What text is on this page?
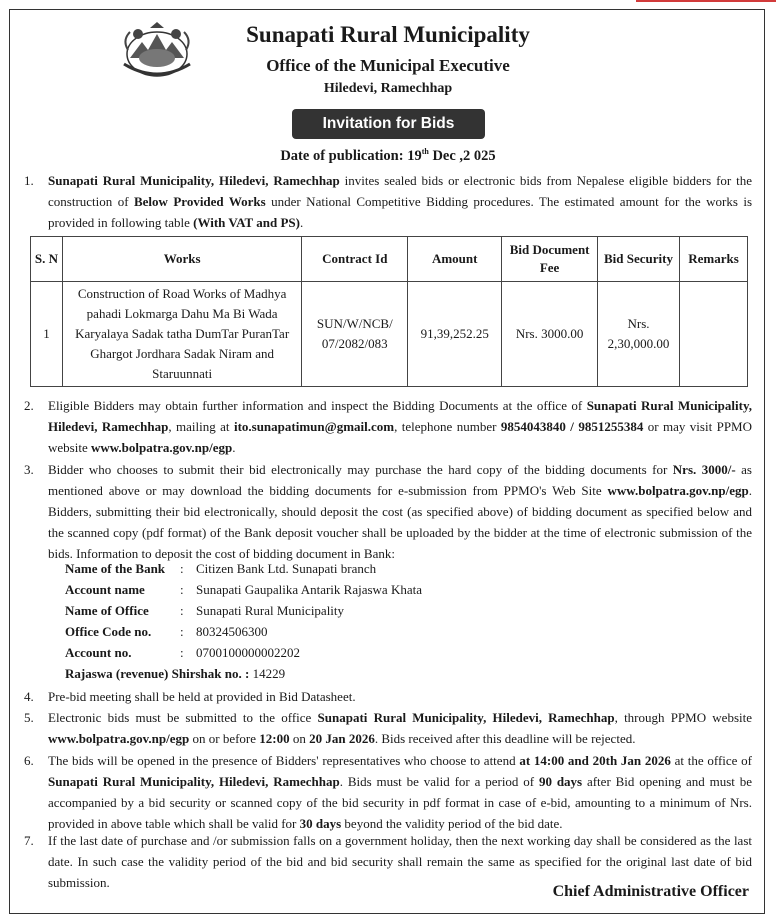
Sunapati Rural Municipality
Office of the Municipal Executive
Hiledevi, Ramechhap
Invitation for Bids
Date of publication: 19th Dec ,2 025
1. Sunapati Rural Municipality, Hiledevi, Ramechhap invites sealed bids or electronic bids from Nepalese eligible bidders for the construction of Below Provided Works under National Competitive Bidding procedures. The estimated amount for the works is provided in following table (With VAT and PS).
S. N	Works	Contract Id	Amount	Bid Document Fee	Bid Security	Remarks
1	Construction of Road Works of Madhya pahadi Lokmarga Dahu Ma Bi Wada Karyalaya Sadak tatha DumTar PuranTar Ghargot Jordhara Sadak Niram and Staruunnati	SUN/W/NCB/ 07/2082/083	91,39,252.25	Nrs. 3000.00	Nrs. 2,30,000.00	
2. Eligible Bidders may obtain further information and inspect the Bidding Documents at the office of Sunapati Rural Municipality, Hiledevi, Ramechhap, mailing at ito.sunapatimun@gmail.com, telephone number 9854043840 / 9851255384 or may visit PPMO website www.bolpatra.gov.np/egp.
3. Bidder who chooses to submit their bid electronically may purchase the hard copy of the bidding documents for Nrs. 3000/- as mentioned above or may download the bidding documents for e-submission from PPMO's Web Site www.bolpatra.gov.np/egp. Bidders, submitting their bid electronically, should deposit the cost (as specified above) of bidding document as specified below and the scanned copy (pdf format) of the Bank deposit voucher shall be uploaded by the bidder at the time of electronic submission of the bids. Information to deposit the cost of bidding document in Bank:
Name of the Bank : Citizen Bank Ltd. Sunapati branch
Account name	: Sunapati Gaupalika Antarik Rajaswa Khata
Name of Office : Sunapati Rural Municipality
Office Code no. : 80324506300
Account no.	: 0700100000002202
Rajaswa (revenue) Shirshak no. : 14229
4. Pre-bid meeting shall be held at provided in Bid Datasheet.
5. Electronic bids must be submitted to the office Sunapati Rural Municipality, Hiledevi, Ramechhap, through PPMO website www.bolpatra.gov.np/egp on or before 12:00 on 20 Jan 2026. Bids received after this deadline will be rejected.
6. The bids will be opened in the presence of Bidders' representatives who choose to attend at 14:00 and 20th Jan 2026 at the office of Sunapati Rural Municipality, Hiledevi, Ramechhap. Bids must be valid for a period of 90 days after Bid opening and must be accompanied by a bid security or scanned copy of the bid security in pdf format in case of e-bid, amounting to a minimum of Nrs. provided in above table which shall be valid for 30 days beyond the validity period of the bid date.
7. If the last date of purchase and /or submission falls on a government holiday, then the next working day shall be considered as the last date. In such case the validity period of the bid and bid security shall remain the same as specified for the original last date of bid submission.
Chief Administrative Officer
